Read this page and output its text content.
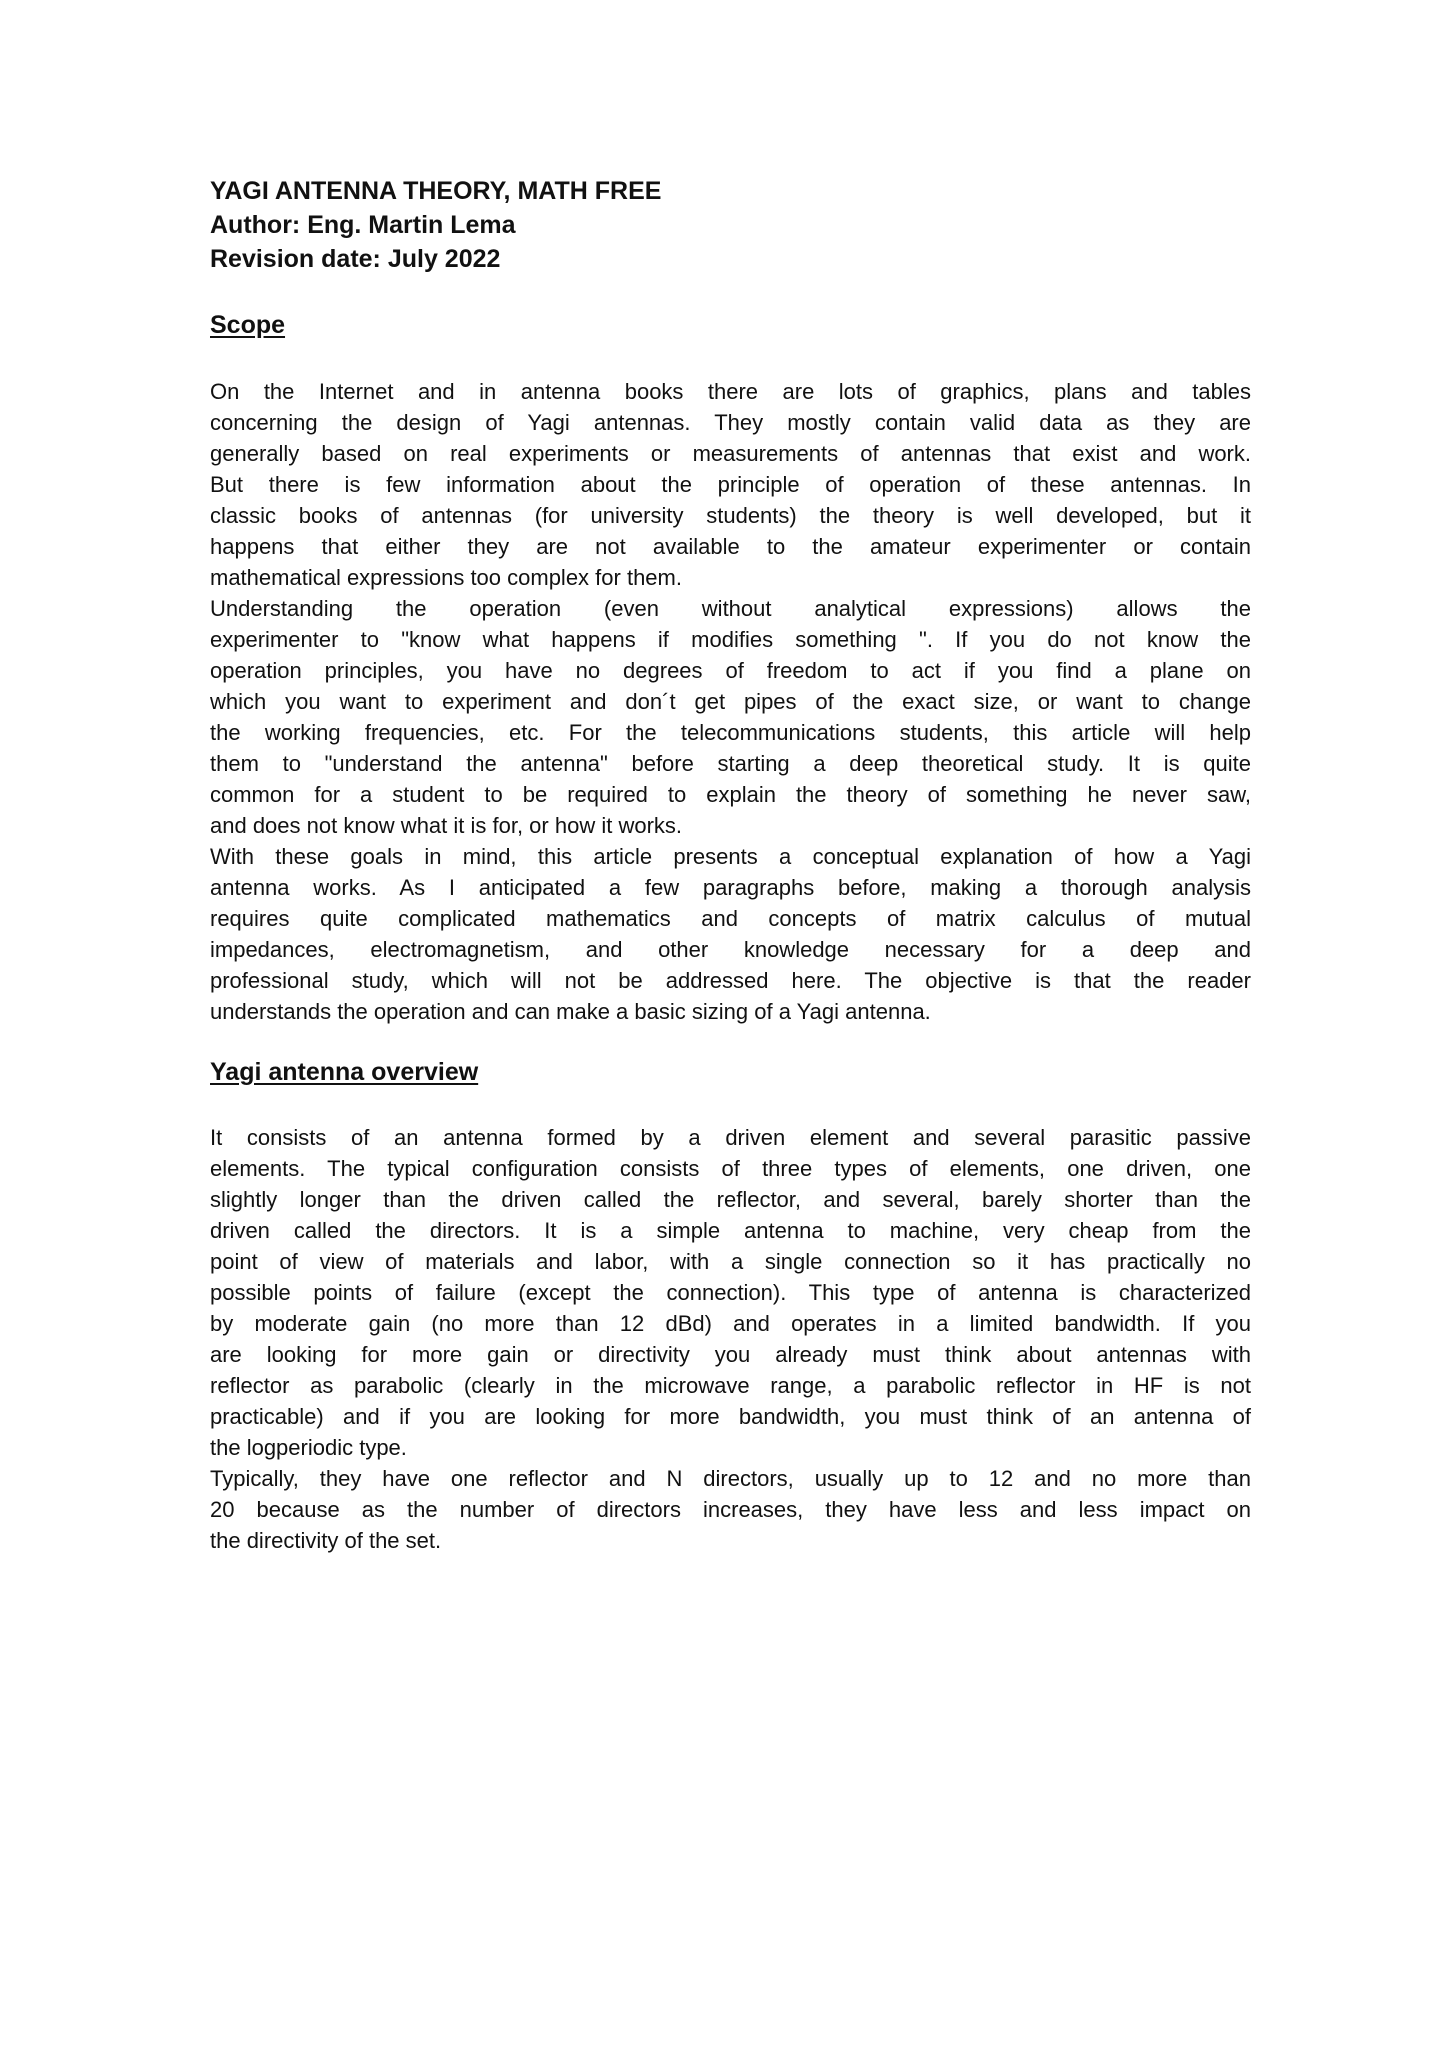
YAGI ANTENNA THEORY, MATH FREE
Author: Eng. Martin Lema
Revision date: July 2022
Scope
On the Internet and in antenna books there are lots of graphics, plans and tables
concerning the design of Yagi antennas. They mostly contain valid data as they are
generally based on real experiments or measurements of antennas that exist and work.
But there is few information about the principle of operation of these antennas. In
classic books of antennas (for university students) the theory is well developed, but it
happens that either they are not available to the amateur experimenter or contain
mathematical expressions too complex for them.
Understanding the operation (even without analytical expressions) allows the
experimenter to "know what happens if modifies something ". If you do not know the
operation principles, you have no degrees of freedom to act if you find a plane on
which you want to experiment and don´t get pipes of the exact size, or want to change
the working frequencies, etc. For the telecommunications students, this article will help
them to "understand the antenna" before starting a deep theoretical study. It is quite
common for a student to be required to explain the theory of something he never saw,
and does not know what it is for, or how it works.
With these goals in mind, this article presents a conceptual explanation of how a Yagi
antenna works. As I anticipated a few paragraphs before, making a thorough analysis
requires quite complicated mathematics and concepts of matrix calculus of mutual
impedances, electromagnetism, and other knowledge necessary for a deep and
professional study, which will not be addressed here. The objective is that the reader
understands the operation and can make a basic sizing of a Yagi antenna.
Yagi antenna overview
It consists of an antenna formed by a driven element and several parasitic passive
elements. The typical configuration consists of three types of elements, one driven, one
slightly longer than the driven called the reflector, and several, barely shorter than the
driven called the directors. It is a simple antenna to machine, very cheap from the
point of view of materials and labor, with a single connection so it has practically no
possible points of failure (except the connection). This type of antenna is characterized
by moderate gain (no more than 12 dBd) and operates in a limited bandwidth. If you
are looking for more gain or directivity you already must think about antennas with
reflector as parabolic (clearly in the microwave range, a parabolic reflector in HF is not
practicable) and if you are looking for more bandwidth, you must think of an antenna of
the logperiodic type.
Typically, they have one reflector and N directors, usually up to 12 and no more than
20 because as the number of directors increases, they have less and less impact on
the directivity of the set.
